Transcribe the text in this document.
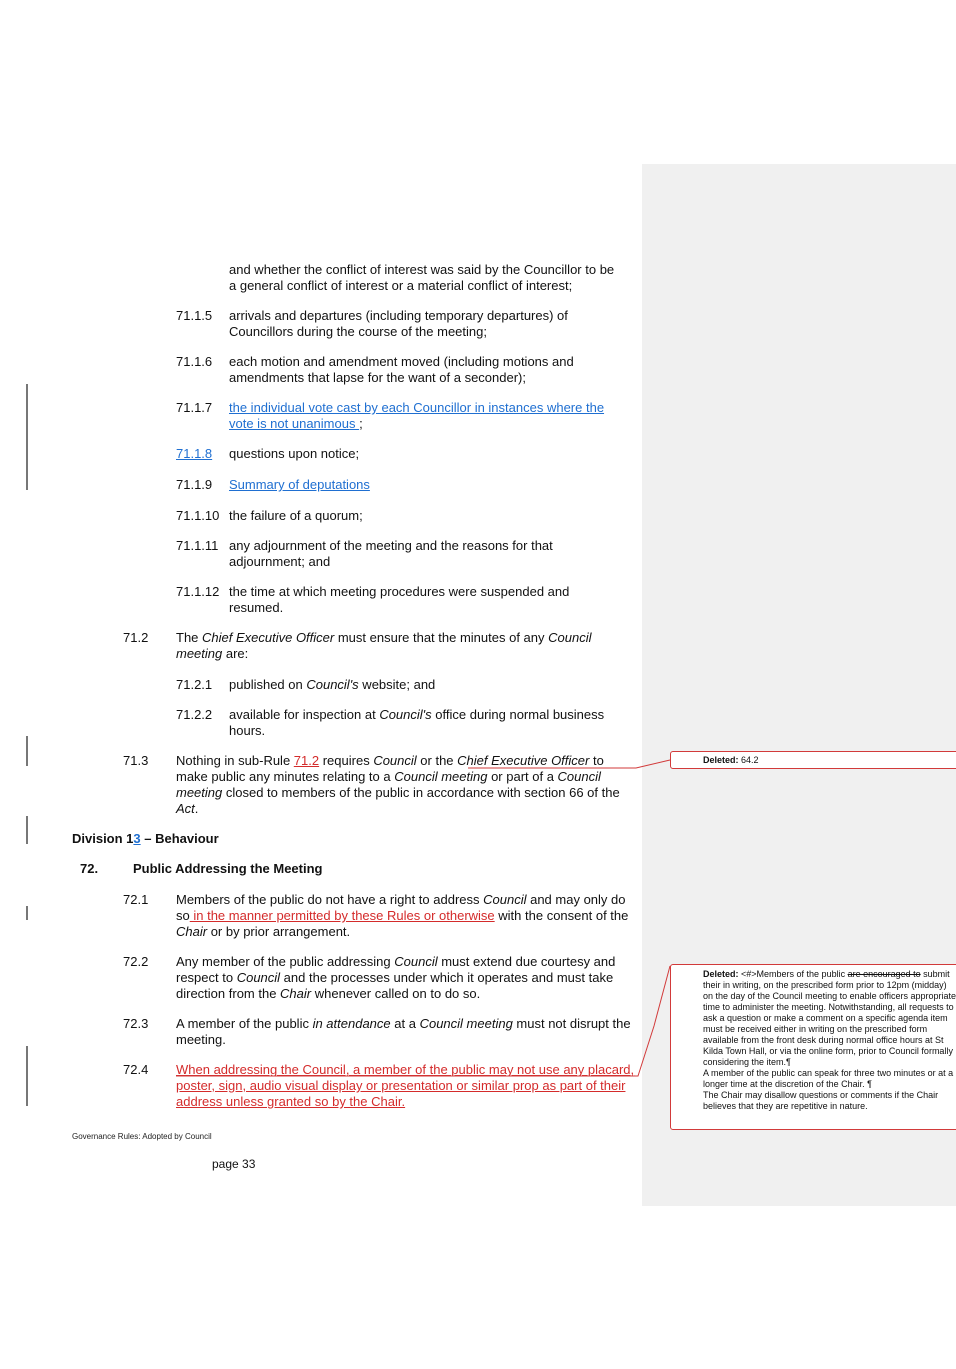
and whether the conflict of interest was said by the Councillor to be
a general conflict of interest or a material conflict of interest;
71.1.5 arrivals and departures (including temporary departures) of Councillors during the course of the meeting;
71.1.6 each motion and amendment moved (including motions and amendments that lapse for the want of a seconder);
71.1.7 the individual vote cast by each Councillor in instances where the vote is not unanimous ;
71.1.8	questions upon notice;
71.1.9 Summary of deputations
71.1.10 the failure of a quorum;
71.1.11 any adjournment of the meeting and the reasons for that adjournment; and
71.1.12 the time at which meeting procedures were suspended and resumed.
71.2 The Chief Executive Officer must ensure that the minutes of any Council meeting are:
71.2.1 published on Council's website; and
71.2.2 available for inspection at Council's office during normal business hours.
71.3 Nothing in sub-Rule 71.2 requires Council or the Chief Executive Officer to make public any minutes relating to a Council meeting or part of a Council meeting closed to members of the public in accordance with section 66 of the Act.
Division 13 – Behaviour
72.	Public Addressing the Meeting
72.1 Members of the public do not have a right to address Council and may only do so in the manner permitted by these Rules or otherwise with the consent of the Chair or by prior arrangement.
72.2 Any member of the public addressing Council must extend due courtesy and respect to Council and the processes under which it operates and must take direction from the Chair whenever called on to do so.
72.3 A member of the public in attendance at a Council meeting must not disrupt the meeting.
72.4 When addressing the Council, a member of the public may not use any placard, poster, sign, audio visual display or presentation or similar prop as part of their address unless granted so by the Chair.
Governance Rules: Adopted by Council
page 33
Deleted: 64.2
Deleted: <#>Members of the public are encouraged to submit their in writing, on the prescribed form prior to 12pm (midday) on the day of the Council meeting to enable officers appropriate time to administer the meeting. Notwithstanding, all requests to ask a question or make a comment on a specific agenda item must be received either in writing on the prescribed form available from the front desk during normal office hours at St Kilda Town Hall, or via the online form, prior to Council formally considering the item.¶
A member of the public can speak for three two minutes or at a longer time at the discretion of the Chair. ¶
The Chair may disallow questions or comments if the Chair believes that they are repetitive in nature.
